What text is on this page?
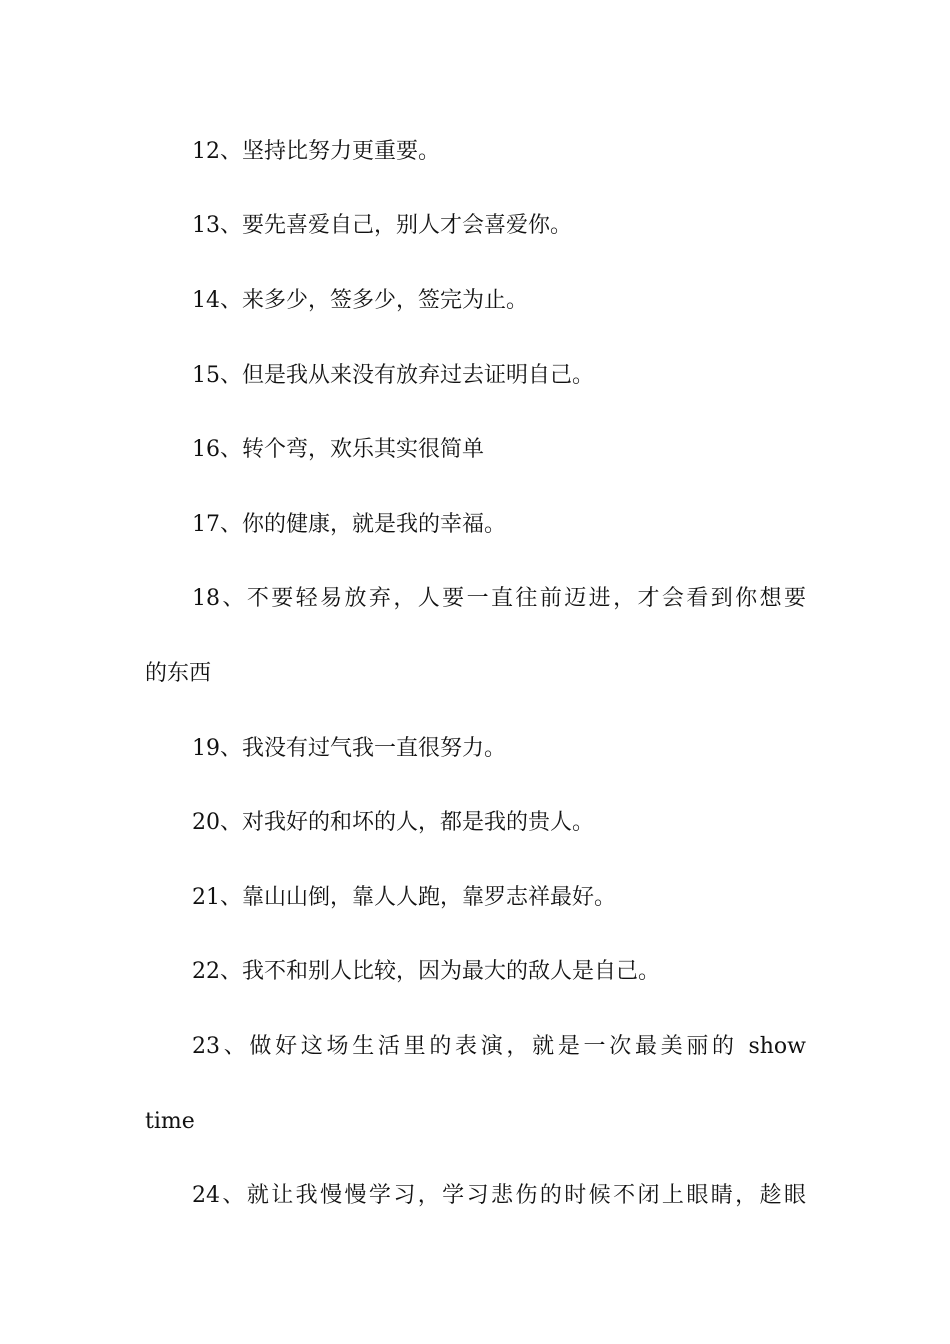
12、坚持比努力更重要。
13、要先喜爱自己，别人才会喜爱你。
14、来多少，签多少，签完为止。
15、但是我从来没有放弃过去证明自己。
16、转个弯，欢乐其实很简单
17、你的健康，就是我的幸福。
18、不要轻易放弃，人要一直往前迈进，才会看到你想要
的东西
19、我没有过气我一直很努力。
20、对我好的和坏的人，都是我的贵人。
21、靠山山倒，靠人人跑，靠罗志祥最好。
22、我不和别人比较，因为最大的敌人是自己。
23、做好这场生活里的表演，就是一次最美丽的 show
time
24、就让我慢慢学习，学习悲伤的时候不闭上眼睛，趁眼
